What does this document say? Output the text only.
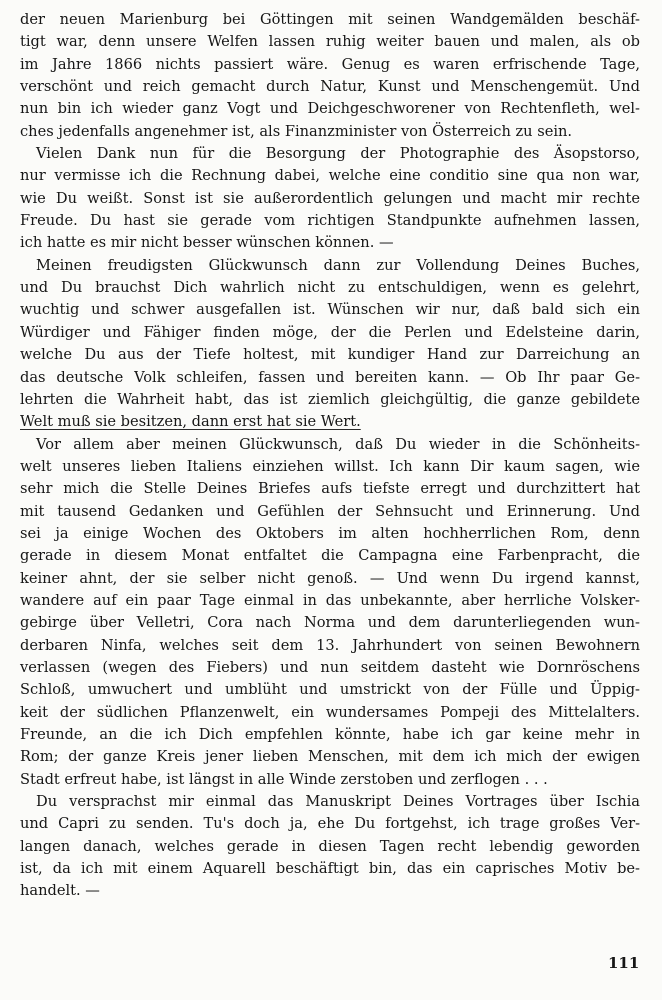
der neuen Marienburg bei Göttingen mit seinen Wandgemälden beschäf-
tigt war, denn unsere Welfen lassen ruhig weiter bauen und malen, als ob
im Jahre 1866 nichts passiert wäre. Genug es waren erfrischende Tage,
verschönt und reich gemacht durch Natur, Kunst und Menschengemüt. Und
nun bin ich wieder ganz Vogt und Deichgeschworener von Rechtenfleth, wel-
ches jedenfalls angenehmer ist, als Finanzminister von Österreich zu sein.
Vielen Dank nun für die Besorgung der Photographie des Äsopstorso,
nur vermisse ich die Rechnung dabei, welche eine conditio sine qua non war,
wie Du weißt. Sonst ist sie außerordentlich gelungen und macht mir rechte
Freude. Du hast sie gerade vom richtigen Standpunkte aufnehmen lassen,
ich hatte es mir nicht besser wünschen können. —
Meinen freudigsten Glückwunsch dann zur Vollendung Deines Buches,
und Du brauchst Dich wahrlich nicht zu entschuldigen, wenn es gelehrt,
wuchtig und schwer ausgefallen ist. Wünschen wir nur, daß bald sich ein
Würdiger und Fähiger finden möge, der die Perlen und Edelsteine darin,
welche Du aus der Tiefe holtest, mit kundiger Hand zur Darreichung an
das deutsche Volk schleifen, fassen und bereiten kann. — Ob Ihr paar Ge-
lehrten die Wahrheit habt, das ist ziemlich gleichgültig, die ganze gebildete
Welt muß sie besitzen, dann erst hat sie Wert.
Vor allem aber meinen Glückwunsch, daß Du wieder in die Schönheits-
welt unseres lieben Italiens einziehen willst. Ich kann Dir kaum sagen, wie
sehr mich die Stelle Deines Briefes aufs tiefste erregt und durchzittert hat
mit tausend Gedanken und Gefühlen der Sehnsucht und Erinnerung. Und
sei ja einige Wochen des Oktobers im alten hochherrlichen Rom, denn
gerade in diesem Monat entfaltet die Campagna eine Farbenpracht, die
keiner ahnt, der sie selber nicht genoß. — Und wenn Du irgend kannst,
wandere auf ein paar Tage einmal in das unbekannte, aber herrliche Volsker-
gebirge über Velletri, Cora nach Norma und dem darunterliegenden wun-
derbaren Ninfa, welches seit dem 13. Jahrhundert von seinen Bewohnern
verlassen (wegen des Fiebers) und nun seitdem dasteht wie Dornröschens
Schloß, umwuchert und umblüht und umstrickt von der Fülle und Üppig-
keit der südlichen Pflanzenwelt, ein wundersames Pompeji des Mittelalters.
Freunde, an die ich Dich empfehlen könnte, habe ich gar keine mehr in
Rom; der ganze Kreis jener lieben Menschen, mit dem ich mich der ewigen
Stadt erfreut habe, ist längst in alle Winde zerstoben und zerflogen . . .
Du versprachst mir einmal das Manuskript Deines Vortrages über Ischia
und Capri zu senden. Tu's doch ja, ehe Du fortgehst, ich trage großes Ver-
langen danach, welches gerade in diesen Tagen recht lebendig geworden
ist, da ich mit einem Aquarell beschäftigt bin, das ein caprisches Motiv be-
handelt. —
111
